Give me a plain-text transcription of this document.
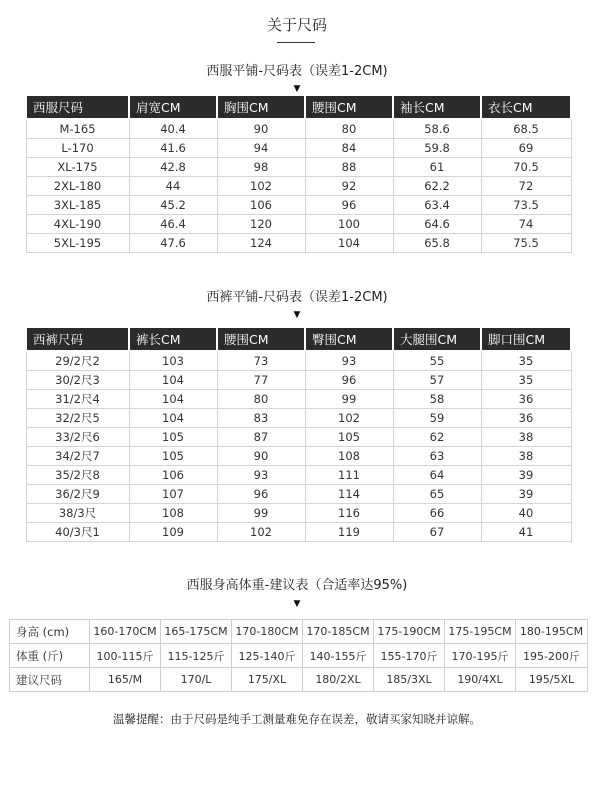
关于尺码
西服平铺-尺码表（误差1-2CM)
▼
西服尺码	肩宽CM	胸围CM	腰围CM	袖长CM	衣长CM
M-165	40.4	90	80	58.6	68.5
L-170	41.6	94	84	59.8	69
XL-175	42.8	98	88	61	70.5
2XL-180	44	102	92	62.2	72
3XL-185	45.2	106	96	63.4	73.5
4XL-190	46.4	120	100	64.6	74
5XL-195	47.6	124	104	65.8	75.5
西裤平铺-尺码表（误差1-2CM)
▼
西裤尺码	裤长CM	腰围CM	臀围CM	大腿围CM	脚口围CM
29/2尺2	103	73	93	55	35
30/2尺3	104	77	96	57	35
31/2尺4	104	80	99	58	36
32/2尺5	104	83	102	59	36
33/2尺6	105	87	105	62	38
34/2尺7	105	90	108	63	38
35/2尺8	106	93	111	64	39
36/2尺9	107	96	114	65	39
38/3尺	108	99	116	66	40
40/3尺1	109	102	119	67	41
西服身高体重-建议表（合适率达95%)
▼
身高 (cm)	160-170CM	165-175CM	170-180CM	170-185CM	175-190CM	175-195CM	180-195CM
体重 (斤)	100-115斤	115-125斤	125-140斤	140-155斤	155-170斤	170-195斤	195-200斤
建议尺码	165/M	170/L	175/XL	180/2XL	185/3XL	190/4XL	195/5XL
温馨提醒：由于尺码是纯手工测量难免存在误差，敬请买家知晓并谅解。
